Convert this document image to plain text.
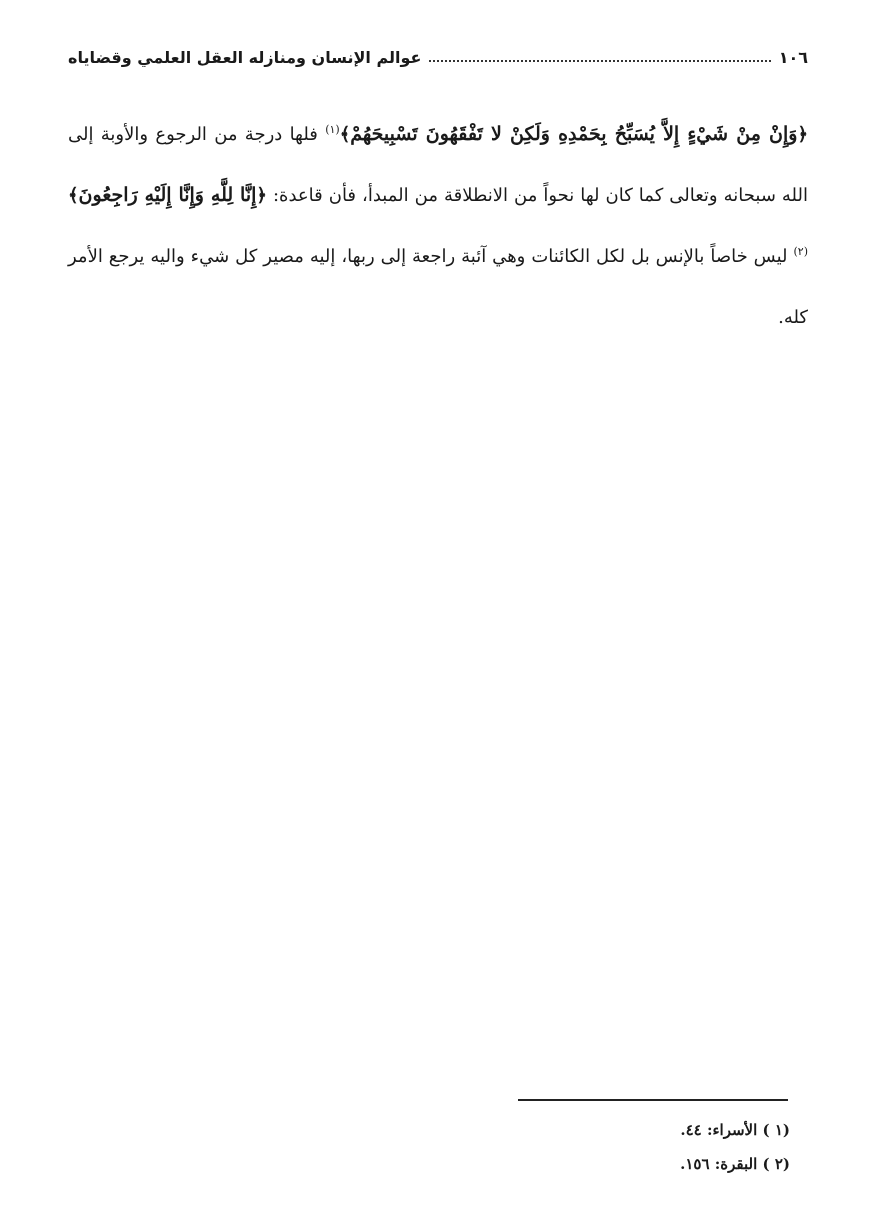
١٠٦
عوالم الإنسان ومنازله العقل العلمي وقضاياه

﴿وَإِنْ مِنْ شَيْءٍ إِلاَّ يُسَبِّحُ بِحَمْدِهِ وَلَكِنْ لا تَفْقَهُونَ تَسْبِيحَهُمْ﴾$^{(١)}$ فلها درجة من الرجوع والأوبة إلى الله سبحانه وتعالى كما كان لها نحواً من الانطلاقة من المبدأ، فأن قاعدة: ﴿إِنَّا لِلَّهِ وَإِنَّا إِلَيْهِ رَاجِعُونَ﴾$^{(٢)}$ ليس خاصاً بالإنس بل لكل الكائنات وهي آئبة راجعة إلى ربها، إليه مصير كل شيء واليه يرجع الأمر كله.

(١ ) الأسراء: ٤٤.

(٢ ) البقرة: ١٥٦.
